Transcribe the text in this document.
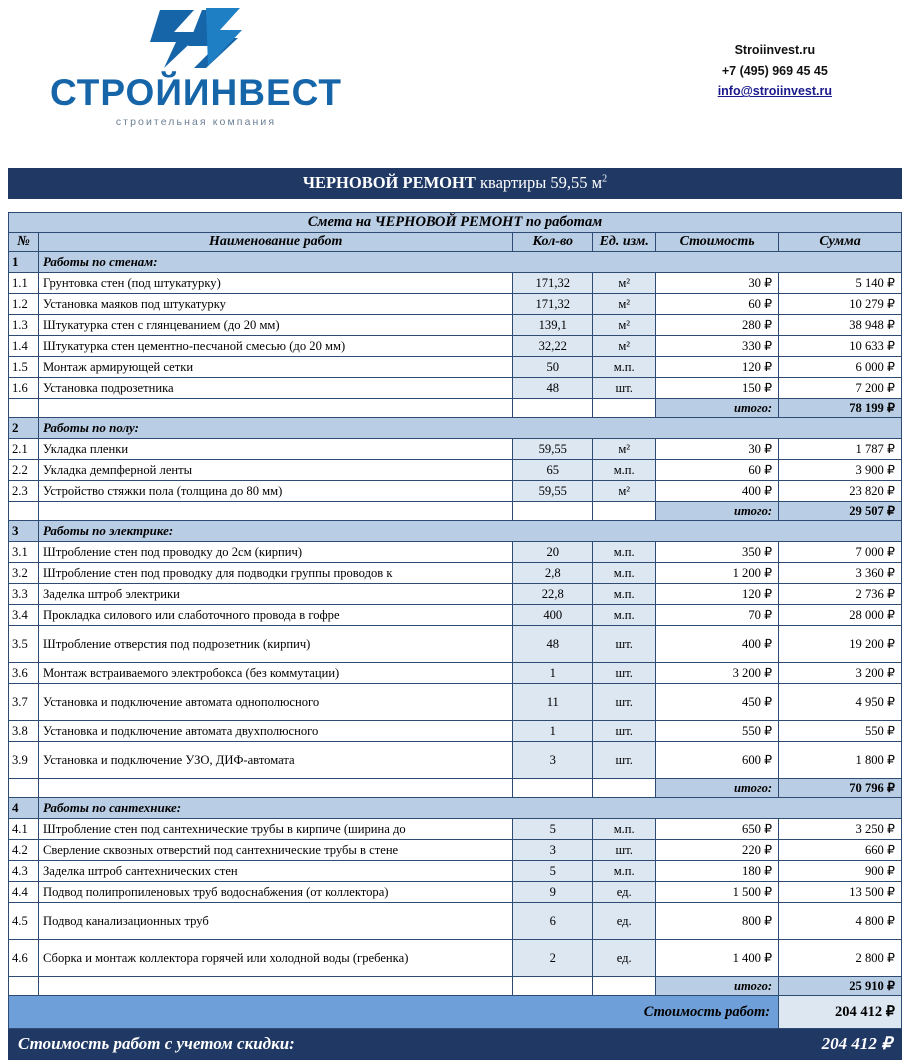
СТРОЙИНВЕСТ
строительная компания
Stroiinvest.ru
+7 (495) 969 45 45
info@stroiinvest.ru
ЧЕРНОВОЙ РЕМОНТ квартиры 59,55 $м^2$
Смета на ЧЕРНОВОЙ РЕМОНТ по работам					
№	Наименование работ	Кол-во	Ед. изм.	Стоимость	Сумма
1	Работы по стенам:				
1.1	Грунтовка стен (под штукатурку)	171,32	м²	30 ₽	5 140 ₽
1.2	Установка маяков под штукатурку	171,32	м²	60 ₽	10 279 ₽
1.3	Штукатурка стен с глянцеванием (до 20 мм)	139,1	м²	280 ₽	38 948 ₽
1.4	Штукатурка стен цементно-песчаной смесью (до 20 мм)	32,22	м²	330 ₽	10 633 ₽
1.5	Монтаж армирующей сетки	50	м.п.	120 ₽	6 000 ₽
1.6	Установка подрозетника	48	шт.	150 ₽	7 200 ₽
				итого:	78 199 ₽
2	Работы по полу:				
2.1	Укладка пленки	59,55	м²	30 ₽	1 787 ₽
2.2	Укладка демпферной ленты	65	м.п.	60 ₽	3 900 ₽
2.3	Устройство стяжки пола (толщина до 80 мм)	59,55	м²	400 ₽	23 820 ₽
				итого:	29 507 ₽
3	Работы по электрике:				
3.1	Штробление стен под проводку до 2см (кирпич)	20	м.п.	350 ₽	7 000 ₽
3.2	Штробление стен под проводку для подводки группы проводов к	2,8	м.п.	1 200 ₽	3 360 ₽
3.3	Заделка штроб электрики	22,8	м.п.	120 ₽	2 736 ₽
3.4	Прокладка силового или слаботочного провода в гофре	400	м.п.	70 ₽	28 000 ₽
3.5	Штробление отверстия под подрозетник (кирпич)	48	шт.	400 ₽	19 200 ₽
3.6	Монтаж встраиваемого электробокса (без коммутации)	1	шт.	3 200 ₽	3 200 ₽
3.7	Установка и подключение автомата однополюсного	11	шт.	450 ₽	4 950 ₽
3.8	Установка и подключение автомата двухполюсного	1	шт.	550 ₽	550 ₽
3.9	Установка и подключение УЗО, ДИФ-автомата	3	шт.	600 ₽	1 800 ₽
				итого:	70 796 ₽
4	Работы по сантехнике:				
4.1	Штробление стен под сантехнические трубы в кирпиче (ширина до	5	м.п.	650 ₽	3 250 ₽
4.2	Сверление сквозных отверстий под сантехнические трубы в стене	3	шт.	220 ₽	660 ₽
4.3	Заделка штроб сантехнических стен	5	м.п.	180 ₽	900 ₽
4.4	Подвод полипропиленовых труб водоснабжения (от коллектора)	9	ед.	1 500 ₽	13 500 ₽
4.5	Подвод канализационных труб	6	ед.	800 ₽	4 800 ₽
4.6	Сборка и монтаж коллектора горячей или холодной воды (гребенка)	2	ед.	1 400 ₽	2 800 ₽
				итого:	25 910 ₽
Стоимость работ:					204 412 ₽
Стоимость работ с учетом скидки:	204 412 ₽
